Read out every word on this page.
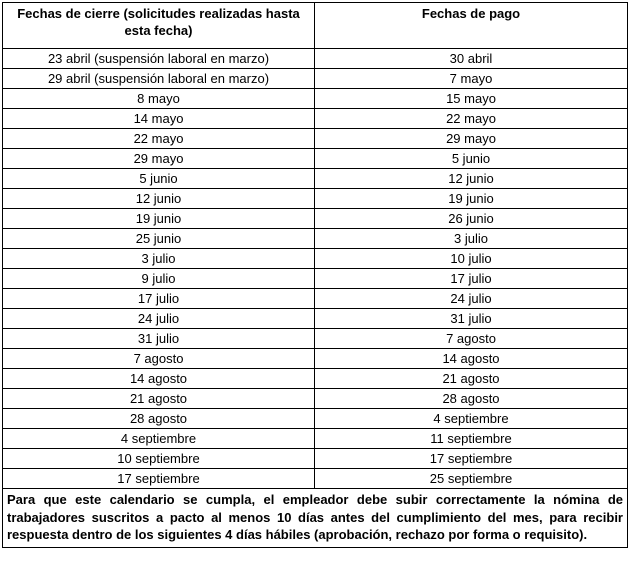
Fechas de cierre (solicitudes realizadas hasta esta fecha)	Fechas de pago
23 abril (suspensión laboral en marzo)	30 abril
29 abril (suspensión laboral en marzo)	7 mayo
8 mayo	15 mayo
14 mayo	22 mayo
22 mayo	29 mayo
29 mayo	5 junio
5 junio	12 junio
12 junio	19 junio
19 junio	26 junio
25 junio	3 julio
3 julio	10 julio
9 julio	17 julio
17 julio	24 julio
24 julio	31 julio
31 julio	7 agosto
7 agosto	14 agosto
14 agosto	21 agosto
21 agosto	28 agosto
28 agosto	4 septiembre
4 septiembre	11 septiembre
10 septiembre	17 septiembre
17 septiembre	25 septiembre
Para que este calendario se cumpla, el empleador debe subir correctamente la nómina de trabajadores suscritos a pacto al menos 10 días antes del cumplimiento del mes, para recibir respuesta dentro de los siguientes 4 días hábiles (aprobación, rechazo por forma o requisito).	
